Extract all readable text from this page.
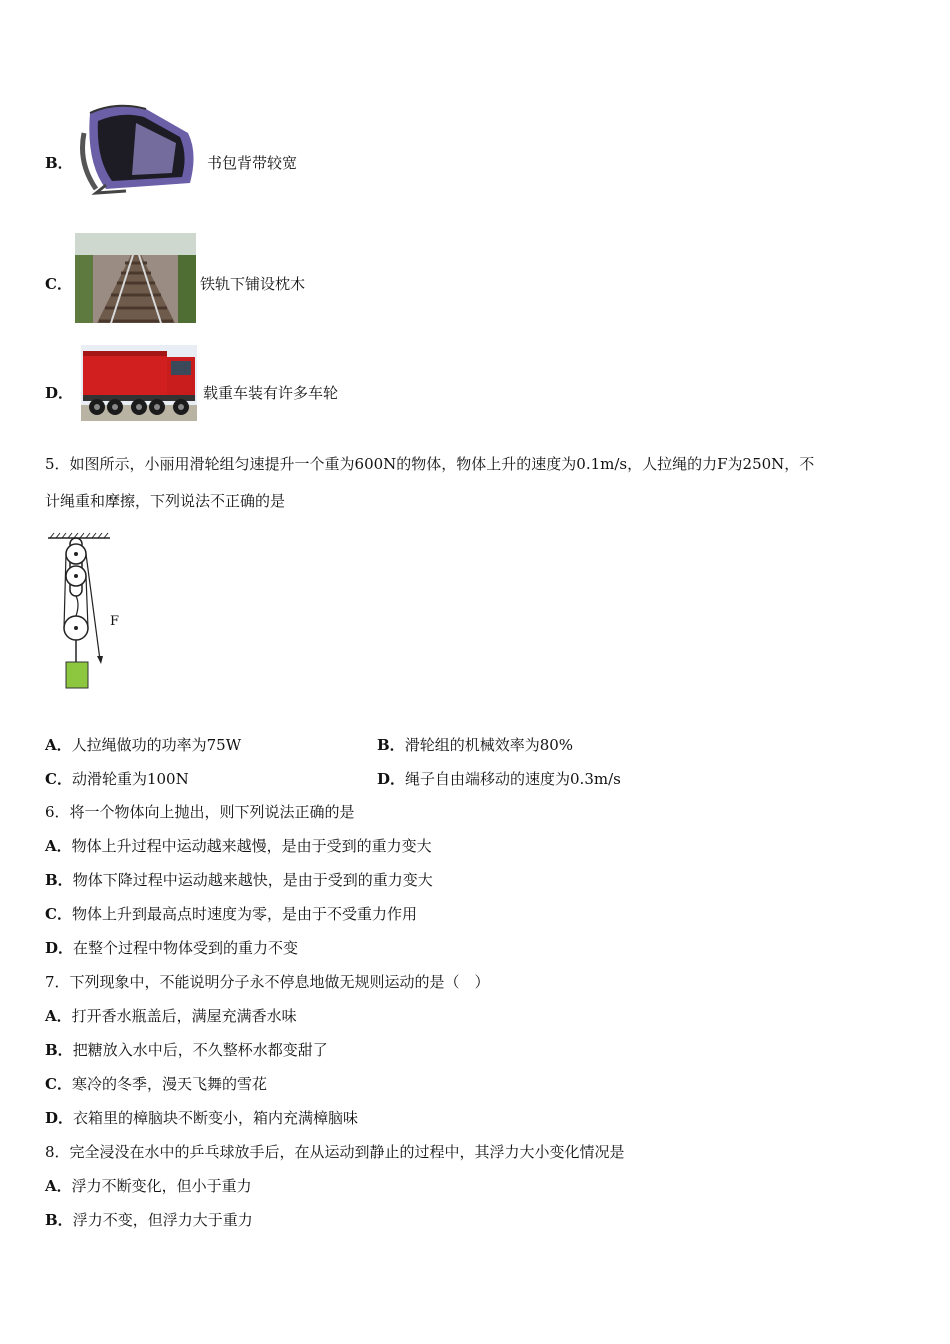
B．	书包背带较宽
C．	铁轨下铺设枕木
D．	载重车装有许多车轮
5．如图所示，小丽用滑轮组匀速提升一个重为600N的物体，物体上升的速度为0.1m/s，人拉绳的力F为250N，不
计绳重和摩擦，下列说法不正确的是
F
A．人拉绳做功的功率为75W	B．滑轮组的机械效率为80%
C．动滑轮重为100N	D．绳子自由端移动的速度为0.3m/s
6．将一个物体向上抛出，则下列说法正确的是
A．物体上升过程中运动越来越慢，是由于受到的重力变大
B．物体下降过程中运动越来越快，是由于受到的重力变大
C．物体上升到最高点时速度为零，是由于不受重力作用
D．在整个过程中物体受到的重力不变
7．下列现象中，不能说明分子永不停息地做无规则运动的是（　）
A．打开香水瓶盖后，满屋充满香水味
B．把糖放入水中后，不久整杯水都变甜了
C．寒冷的冬季，漫天飞舞的雪花
D．衣箱里的樟脑块不断变小，箱内充满樟脑味
8．完全浸没在水中的乒乓球放手后，在从运动到静止的过程中，其浮力大小变化情况是
A．浮力不断变化，但小于重力
B．浮力不变，但浮力大于重力
